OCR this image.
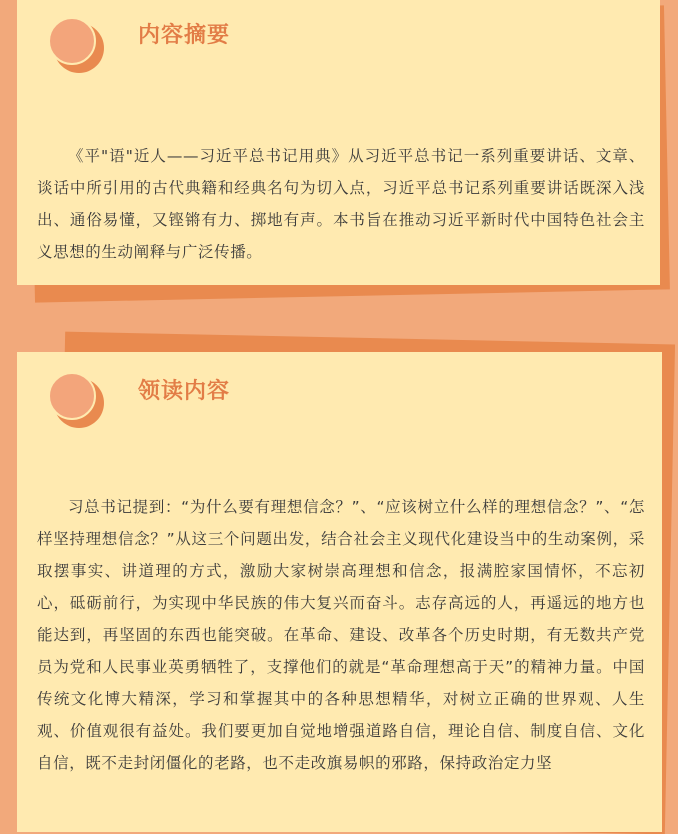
内容摘要
《平"语"近人——习近平总书记用典》从习近平总书记一系列重要讲话、文章、谈话中所引用的古代典籍和经典名句为切入点，习近平总书记系列重要讲话既深入浅出、通俗易懂，又铿锵有力、掷地有声。本书旨在推动习近平新时代中国特色社会主义思想的生动阐释与广泛传播。
领读内容
习总书记提到：“为什么要有理想信念？”、“应该树立什么样的理想信念？”、“怎样坚持理想信念？”从这三个问题出发，结合社会主义现代化建设当中的生动案例，采取摆事实、讲道理的方式，激励大家树崇高理想和信念，报满腔家国情怀，不忘初心，砥砺前行，为实现中华民族的伟大复兴而奋斗。志存高远的人，再遥远的地方也能达到，再坚固的东西也能突破。在革命、建设、改革各个历史时期，有无数共产党员为党和人民事业英勇牺牲了，支撑他们的就是“革命理想高于天”的精神力量。中国传统文化博大精深，学习和掌握其中的各种思想精华，对树立正确的世界观、人生观、价值观很有益处。我们要更加自觉地增强道路自信，理论自信、制度自信、文化自信，既不走封闭僵化的老路，也不走改旗易帜的邪路，保持政治定力坚
